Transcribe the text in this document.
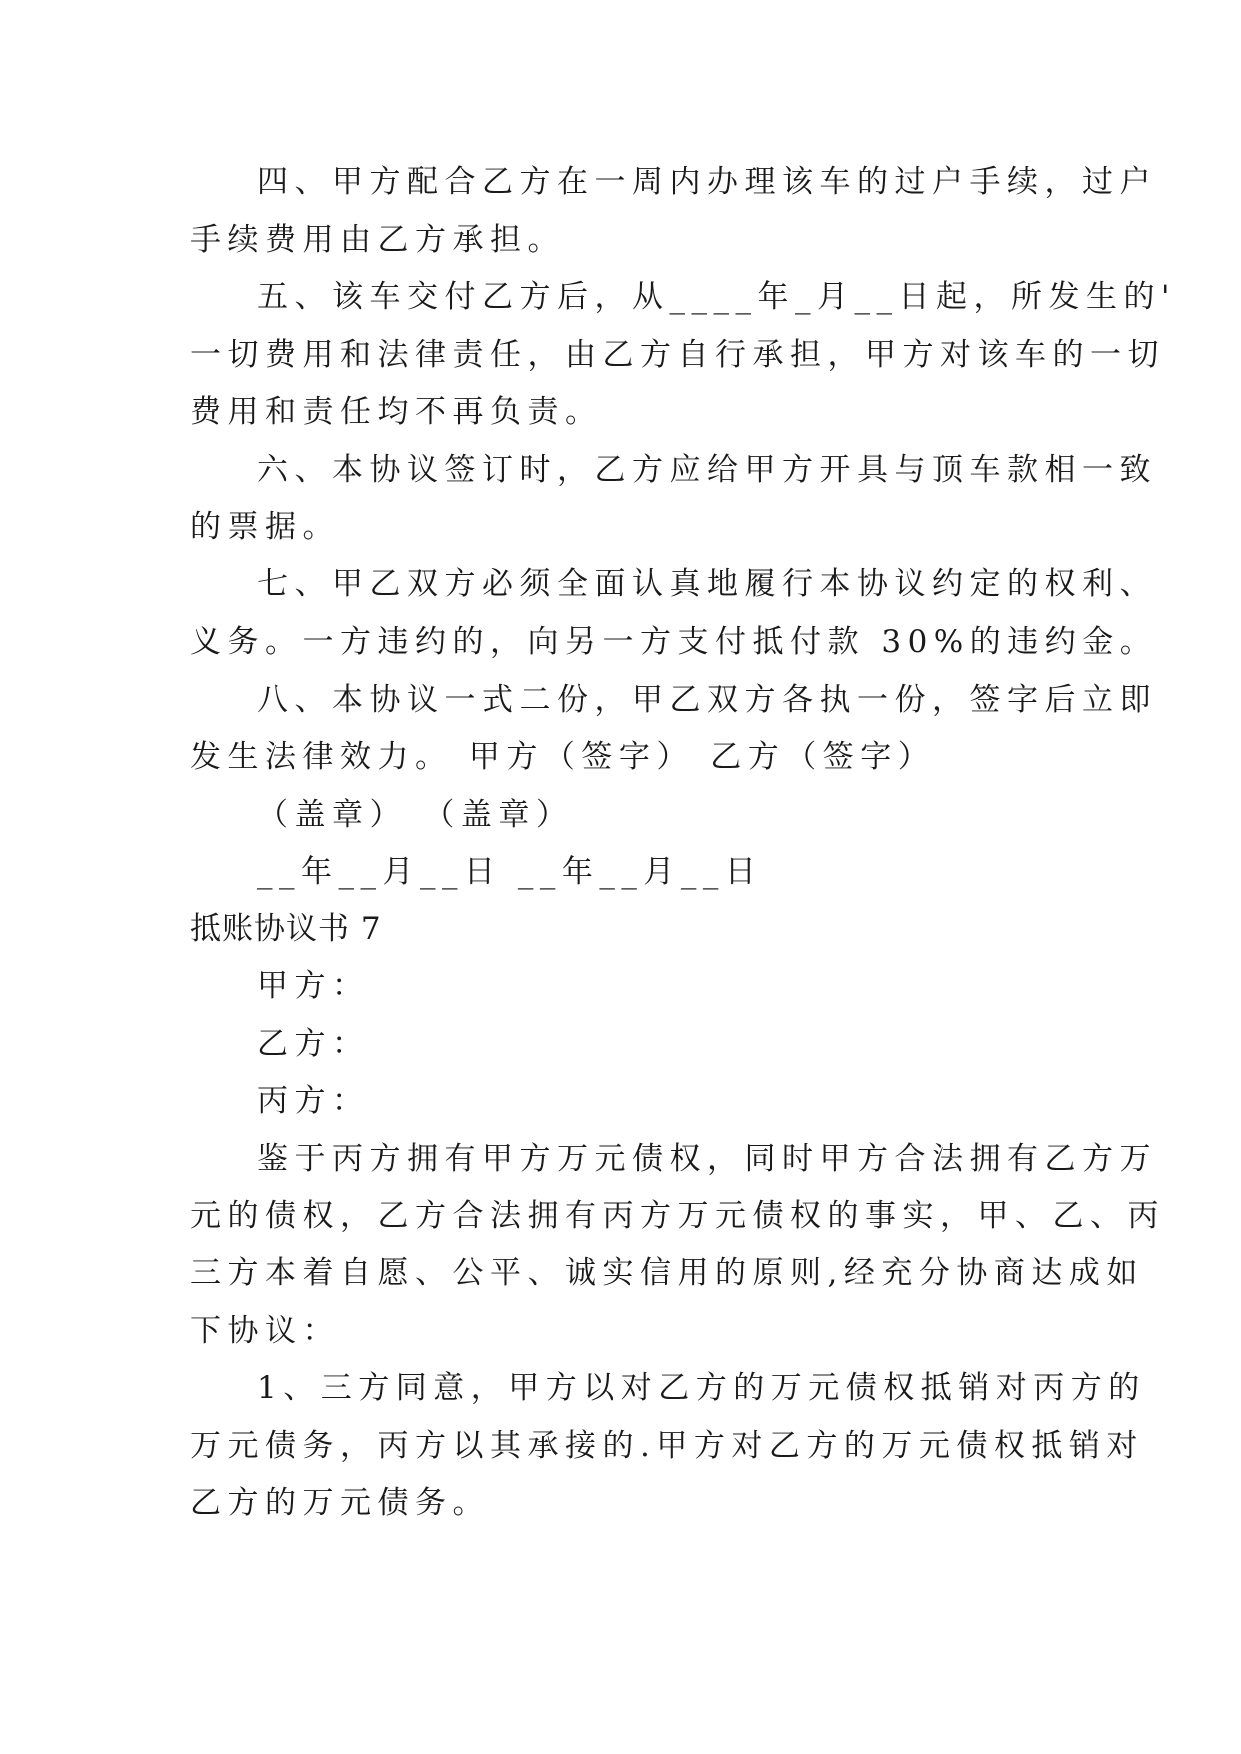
四、甲方配合乙方在一周内办理该车的过户手续，过户
手续费用由乙方承担。
五、该车交付乙方后，从____年_月__日起，所发生的'
一切费用和法律责任，由乙方自行承担，甲方对该车的一切
费用和责任均不再负责。
六、本协议签订时，乙方应给甲方开具与顶车款相一致
的票据。
七、甲乙双方必须全面认真地履行本协议约定的权利、
义务。一方违约的，向另一方支付抵付款 30%的违约金。
八、本协议一式二份，甲乙双方各执一份，签字后立即
发生法律效力。 甲方（签字） 乙方（签字）
（盖章） （盖章）
__年__月__日 __年__月__日
抵账协议书 7
甲方：
乙方：
丙方：
鉴于丙方拥有甲方万元债权，同时甲方合法拥有乙方万
元的债权，乙方合法拥有丙方万元债权的事实，甲、乙、丙
三方本着自愿、公平、诚实信用的原则,经充分协商达成如
下协议：
1、三方同意，甲方以对乙方的万元债权抵销对丙方的
万元债务，丙方以其承接的.甲方对乙方的万元债权抵销对
乙方的万元债务。
